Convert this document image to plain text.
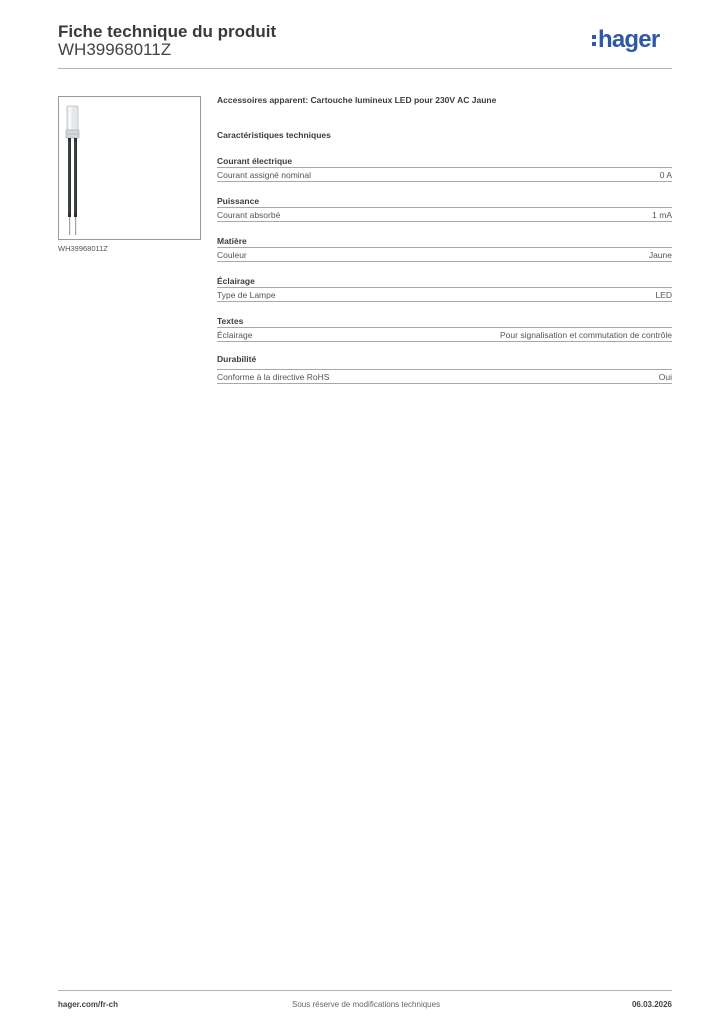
Fiche technique du produit
WH39968011Z	hager
WH39968011Z
Accessoires apparent: Cartouche lumineux LED pour 230V AC Jaune
Caractéristiques techniques
Courant électrique
Courant assigné nominal	0 A
Puissance
Courant absorbé	1 mA
Matière
Couleur	Jaune
Éclairage
Type de Lampe	LED
Textes
Éclairage	Pour signalisation et commutation de contrôle
Durabilité
Conforme à la directive RoHS	Oui
hager.com/fr-ch	Sous réserve de modifications techniques	06.03.2026
